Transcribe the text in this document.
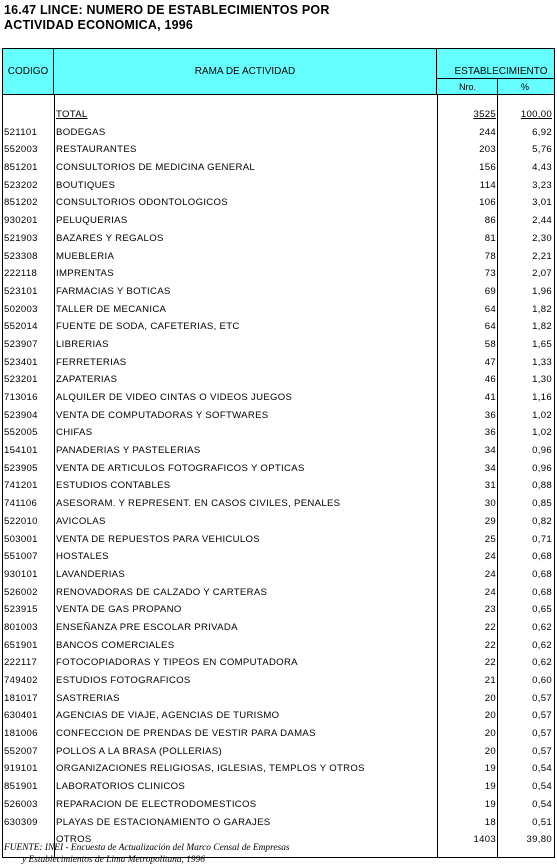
16.47 LINCE: NUMERO DE ESTABLECIMIENTOS POR
ACTIVIDAD ECONOMICA, 1996
CODIGO	RAMA DE ACTIVIDAD	ESTABLECIMIENTO
Nro.	%
TOTAL	3525	100,00
521101 BODEGAS	244	6,92
552003 RESTAURANTES	203	5,76
851201 CONSULTORIOS DE MEDICINA GENERAL	156	4,43
523202 BOUTIQUES	114	3,23
851202 CONSULTORIOS ODONTOLOGICOS	106	3,01
930201 PELUQUERIAS	86	2,44
521903 BAZARES Y REGALOS	81	2,30
523308 MUEBLERIA	78	2,21
222118 IMPRENTAS	73	2,07
523101 FARMACIAS Y BOTICAS	69	1,96
502003 TALLER DE MECANICA	64	1,82
552014 FUENTE DE SODA, CAFETERIAS, ETC	64	1,82
523907 LIBRERIAS	58	1,65
523401 FERRETERIAS	47	1,33
523201 ZAPATERIAS	46	1,30
713016 ALQUILER DE VIDEO CINTAS O VIDEOS JUEGOS	41	1,16
523904 VENTA DE COMPUTADORAS Y SOFTWARES	36	1,02
552005 CHIFAS	36	1,02
154101 PANADERIAS Y PASTELERIAS	34	0,96
523905 VENTA DE ARTICULOS FOTOGRAFICOS Y OPTICAS	34	0,96
741201 ESTUDIOS CONTABLES	31	0,88
741106 ASESORAM. Y REPRESENT. EN CASOS CIVILES, PENALES	30	0,85
522010 AVICOLAS	29	0,82
503001 VENTA DE REPUESTOS PARA VEHICULOS	25	0,71
551007 HOSTALES	24	0,68
930101 LAVANDERIAS	24	0,68
526002 RENOVADORAS DE CALZADO Y CARTERAS	24	0,68
523915 VENTA DE GAS PROPANO	23	0,65
801003 ENSEÑANZA PRE ESCOLAR PRIVADA	22	0,62
651901 BANCOS COMERCIALES	22	0,62
222117 FOTOCOPIADORAS Y TIPEOS EN COMPUTADORA	22	0,62
749402 ESTUDIOS FOTOGRAFICOS	21	0,60
181017 SASTRERIAS	20	0,57
630401 AGENCIAS DE VIAJE, AGENCIAS DE TURISMO	20	0,57
181006 CONFECCION DE PRENDAS DE VESTIR PARA DAMAS	20	0,57
552007 POLLOS A LA BRASA (POLLERIAS)	20	0,57
919101 ORGANIZACIONES RELIGIOSAS, IGLESIAS, TEMPLOS Y OTROS	19	0,54
851901 LABORATORIOS CLINICOS	19	0,54
526003 REPARACION DE ELECTRODOMESTICOS	19	0,54
630309 PLAYAS DE ESTACIONAMIENTO O GARAJES	18	0,51
OTROS	1403	39,80
FUENTE: INEI - Encuesta de Actualización del Marco Censal de Empresas
y Establecimientos de Lima Metropolitana, 1996
